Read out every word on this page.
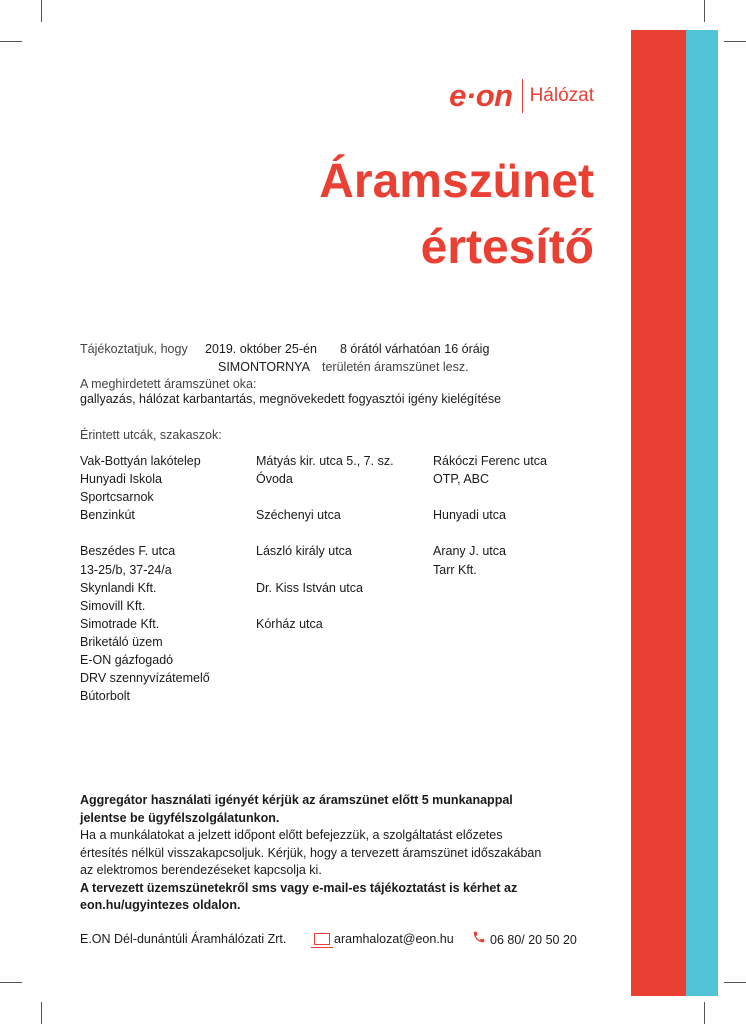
e·on Hálózat
Áramszünet
értesítő
Tájékoztatjuk, hogy 2019. október 25-én 8 órától várhatóan 16 óráig
SIMONTORNYA területén áramszünet lesz.
A meghirdetett áramszünet oka:
gallyazás, hálózat karbantartás, megnövekedett fogyasztói igény kielégítése
Érintett utcák, szakaszok:
Vak-Bottyán lakótelep
Hunyadi Iskola
Sportcsarnok
Benzinkút
Beszédes F. utca
13-25/b, 37-24/a
Skynlandi Kft.
Simovill Kft.
Simotrade Kft.
Briketáló üzem
E-ON gázfogadó
DRV szennyvízátemelő
Bútorbolt
Mátyás kir. utca 5., 7. sz.
Óvoda
Széchenyi utca
László király utca
Dr. Kiss István utca
Kórház utca
Rákóczi Ferenc utca
OTP, ABC
Hunyadi utca
Arany J. utca
Tarr Kft.

Aggregátor használati igényét kérjük az áramszünet előtt 5 munkanappal jelentse be ügyfélszolgálatunkon.

Ha a munkálatokat a jelzett időpont előtt befejezzük, a szolgáltatást előzetes értesítés nélkül visszakapcsoljuk. Kérjük, hogy a tervezett áramszünet időszakában az elektromos berendezéseket kapcsolja ki.

A tervezett üzemszünetekről sms vagy e-mail-es tájékoztatást is kérhet az eon.hu/ugyintezes oldalon.

E.ON Dél-dunántúli Áramhálózati Zrt.	aramhalozat@eon.hu	06 80/ 20 50 20
